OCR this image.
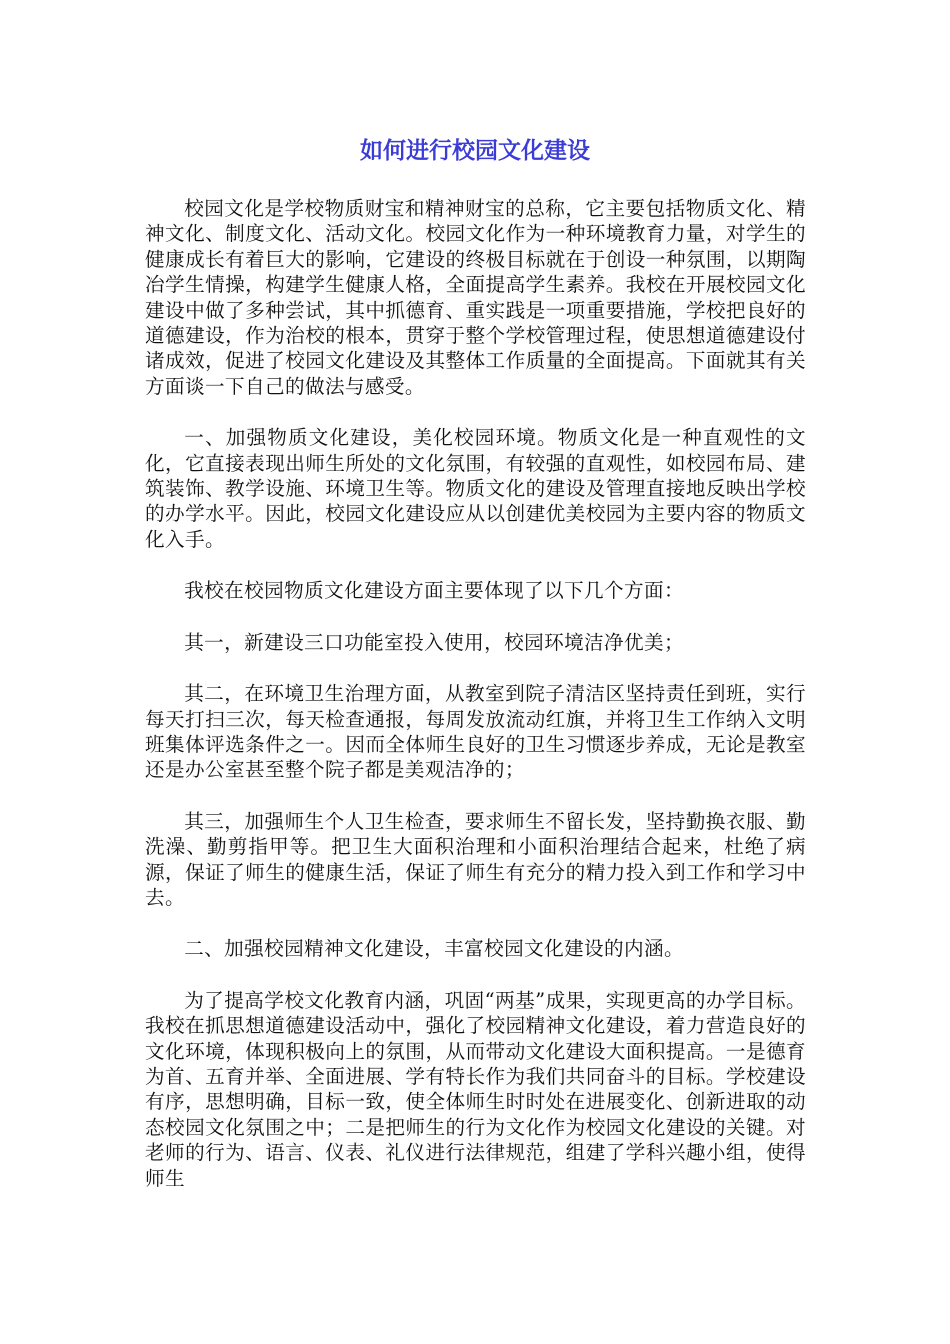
如何进行校园文化建设

校园文化是学校物质财宝和精神财宝的总称，它主要包括物质文化、精神文化、制度文化、活动文化。校园文化作为一种环境教育力量，对学生的健康成长有着巨大的影响，它建设的终极目标就在于创设一种氛围，以期陶冶学生情操，构建学生健康人格，全面提高学生素养。我校在开展校园文化建设中做了多种尝试，其中抓德育、重实践是一项重要措施，学校把良好的道德建设，作为治校的根本，贯穿于整个学校管理过程，使思想道德建设付诸成效，促进了校园文化建设及其整体工作质量的全面提高。下面就其有关方面谈一下自己的做法与感受。

一、加强物质文化建设，美化校园环境。物质文化是一种直观性的文化，它直接表现出师生所处的文化氛围，有较强的直观性，如校园布局、建筑装饰、教学设施、环境卫生等。物质文化的建设及管理直接地反映出学校的办学水平。因此，校园文化建设应从以创建优美校园为主要内容的物质文化入手。

我校在校园物质文化建设方面主要体现了以下几个方面：

其一，新建设三口功能室投入使用，校园环境洁净优美；

其二，在环境卫生治理方面，从教室到院子清洁区坚持责任到班，实行每天打扫三次，每天检查通报，每周发放流动红旗，并将卫生工作纳入文明班集体评选条件之一。因而全体师生良好的卫生习惯逐步养成，无论是教室还是办公室甚至整个院子都是美观洁净的；

其三，加强师生个人卫生检查，要求师生不留长发，坚持勤换衣服、勤洗澡、勤剪指甲等。把卫生大面积治理和小面积治理结合起来，杜绝了病源，保证了师生的健康生活，保证了师生有充分的精力投入到工作和学习中去。

二、加强校园精神文化建设，丰富校园文化建设的内涵。

为了提高学校文化教育内涵，巩固“两基”成果，实现更高的办学目标。我校在抓思想道德建设活动中，强化了校园精神文化建设，着力营造良好的文化环境，体现积极向上的氛围，从而带动文化建设大面积提高。一是德育为首、五育并举、全面进展、学有特长作为我们共同奋斗的目标。学校建设有序，思想明确，目标一致，使全体师生时时处在进展变化、创新进取的动态校园文化氛围之中；二是把师生的行为文化作为校园文化建设的关键。对老师的行为、语言、仪表、礼仪进行法律规范，组建了学科兴趣小组，使得师生
